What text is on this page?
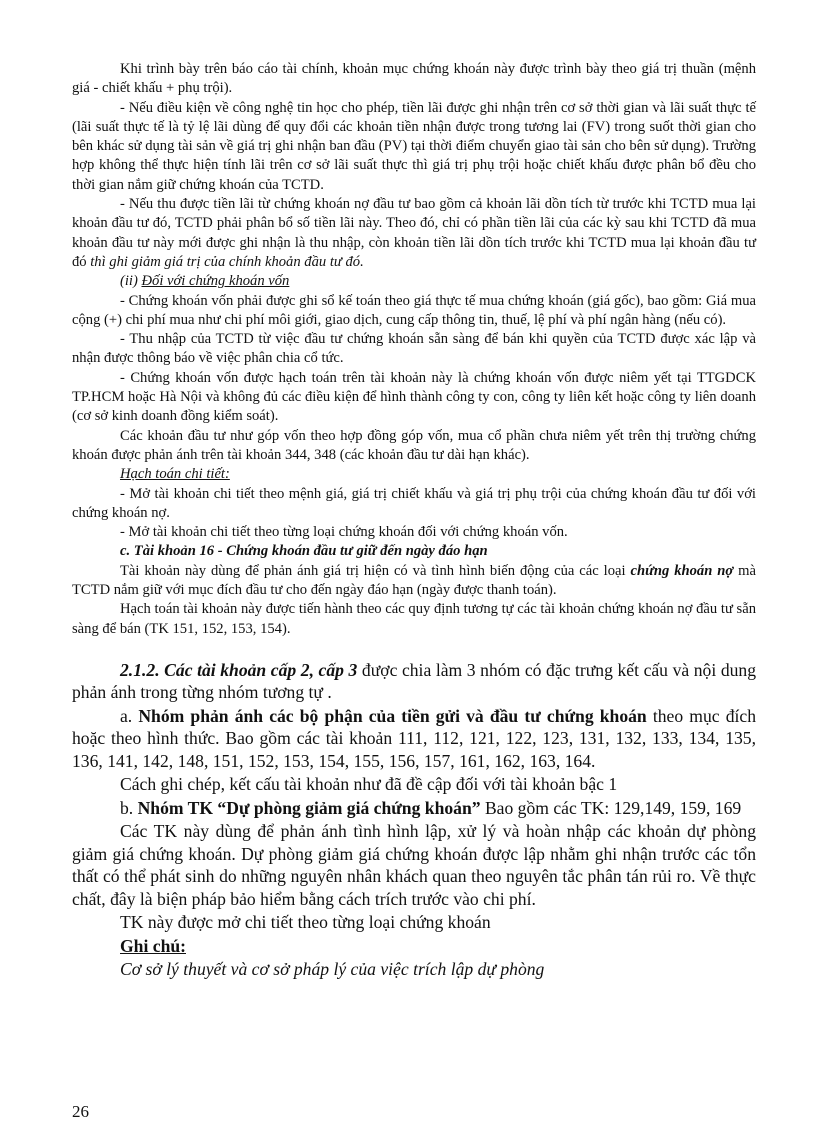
Khi trình bày trên báo cáo tài chính, khoản mục chứng khoán này được trình bày theo giá trị thuần (mệnh giá - chiết khấu + phụ trội).

- Nếu điều kiện về công nghệ tin học cho phép, tiền lãi được ghi nhận trên cơ sở thời gian và lãi suất thực tế (lãi suất thực tế là tỷ lệ lãi dùng để quy đổi các khoản tiền nhận được trong tương lai (FV) trong suốt thời gian cho bên khác sử dụng tài sản về giá trị ghi nhận ban đầu (PV) tại thời điểm chuyển giao tài sản cho bên sử dụng). Trường hợp không thể thực hiện tính lãi trên cơ sở lãi suất thực thì giá trị phụ trội hoặc chiết khấu được phân bổ đều cho thời gian nắm giữ chứng khoán của TCTD.

- Nếu thu được tiền lãi từ chứng khoán nợ đầu tư bao gồm cả khoản lãi dồn tích từ trước khi TCTD mua lại khoản đầu tư đó, TCTD phải phân bổ số tiền lãi này. Theo đó, chỉ có phần tiền lãi của các kỳ sau khi TCTD đã mua khoản đầu tư này mới được ghi nhận là thu nhập, còn khoản tiền lãi dồn tích trước khi TCTD mua lại khoản đầu tư đó thì ghi giảm giá trị của chính khoản đầu tư đó.

(ii) Đối với chứng khoán vốn

- Chứng khoán vốn phải được ghi sổ kế toán theo giá thực tế mua chứng khoán (giá gốc), bao gồm: Giá mua cộng (+) chi phí mua như chi phí môi giới, giao dịch, cung cấp thông tin, thuế, lệ phí và phí ngân hàng (nếu có).

- Thu nhập của TCTD từ việc đầu tư chứng khoán sẵn sàng để bán khi quyền của TCTD được xác lập và nhận được thông báo về việc phân chia cổ tức.

- Chứng khoán vốn được hạch toán trên tài khoản này là chứng khoán vốn được niêm yết tại TTGDCK TP.HCM hoặc Hà Nội và không đủ các điều kiện để hình thành công ty con, công ty liên kết hoặc công ty liên doanh (cơ sở kinh doanh đồng kiểm soát).

Các khoản đầu tư như góp vốn theo hợp đồng góp vốn, mua cổ phần chưa niêm yết trên thị trường chứng khoán được phản ánh trên tài khoản 344, 348 (các khoản đầu tư dài hạn khác).

Hạch toán chi tiết:

- Mở tài khoản chi tiết theo mệnh giá, giá trị chiết khấu và giá trị phụ trội của chứng khoán đầu tư đối với chứng khoán nợ.

- Mở tài khoản chi tiết theo từng loại chứng khoán đối với chứng khoán vốn.

c. Tài khoản 16 - Chứng khoán đầu tư giữ đến ngày đáo hạn

Tài khoản này dùng để phản ánh giá trị hiện có và tình hình biến động của các loại chứng khoán nợ mà TCTD nắm giữ với mục đích đầu tư cho đến ngày đáo hạn (ngày được thanh toán).

Hạch toán tài khoản này được tiến hành theo các quy định tương tự các tài khoản chứng khoán nợ đầu tư sẵn sàng để bán (TK 151, 152, 153, 154).

2.1.2. Các tài khoản cấp 2, cấp 3 được chia làm 3 nhóm có đặc trưng kết cấu và nội dung phản ánh trong từng nhóm tương tự .

a. Nhóm phản ánh các bộ phận của tiền gửi và đầu tư chứng khoán theo mục đích hoặc theo hình thức. Bao gồm các tài khoản 111, 112, 121, 122, 123, 131, 132, 133, 134, 135, 136, 141, 142, 148, 151, 152, 153, 154, 155, 156, 157, 161, 162, 163, 164.

Cách ghi chép, kết cấu tài khoản như đã đề cập đối với tài khoản bậc 1

b. Nhóm TK “Dự phòng giảm giá chứng khoán” Bao gồm các TK: 129,149, 159, 169

Các TK này dùng để phản ánh tình hình lập, xử lý và hoàn nhập các khoản dự phòng giảm giá chứng khoán. Dự phòng giảm giá chứng khoán được lập nhằm ghi nhận trước các tổn thất có thể phát sinh do những nguyên nhân khách quan theo nguyên tắc phân tán rủi ro. Về thực chất, đây là biện pháp bảo hiểm bằng cách trích trước vào chi phí.

TK này được mở chi tiết theo từng loại chứng khoán

Ghi chú:

Cơ sở lý thuyết và cơ sở pháp lý của việc trích lập dự phòng

26
